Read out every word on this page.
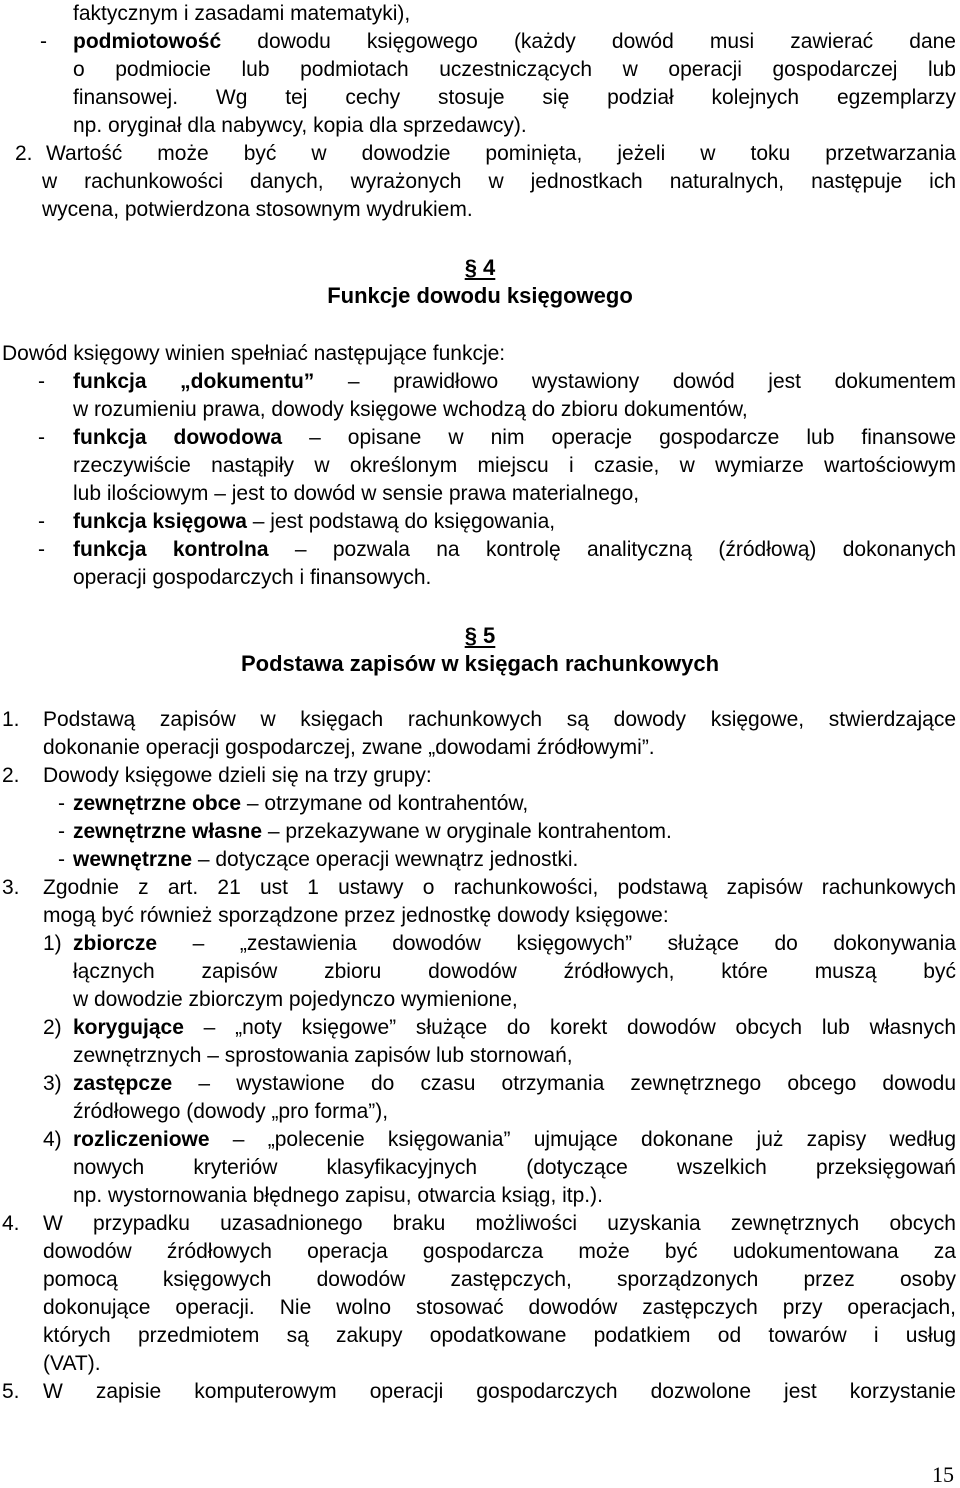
faktycznym i zasadami matematyki),
- podmiotowość dowodu księgowego (każdy dowód musi zawierać dane
o podmiocie lub podmiotach uczestniczących w operacji gospodarczej lub
finansowej. Wg tej cechy stosuje się podział kolejnych egzemplarzy
np. oryginał dla nabywcy, kopia dla sprzedawcy).
2. Wartość może być w dowodzie pominięta, jeżeli w toku przetwarzania
w rachunkowości danych, wyrażonych w jednostkach naturalnych, następuje ich
wycena, potwierdzona stosownym wydrukiem.
§ 4
Funkcje dowodu księgowego
Dowód księgowy winien spełniać następujące funkcje:
- funkcja „dokumentu” – prawidłowo wystawiony dowód jest dokumentem
w rozumieniu prawa, dowody księgowe wchodzą do zbioru dokumentów,
- funkcja dowodowa – opisane w nim operacje gospodarcze lub finansowe
rzeczywiście nastąpiły w określonym miejscu i czasie, w wymiarze wartościowym
lub ilościowym – jest to dowód w sensie prawa materialnego,
- funkcja księgowa – jest podstawą do księgowania,
- funkcja kontrolna – pozwala na kontrolę analityczną (źródłową) dokonanych
operacji gospodarczych i finansowych.
§ 5
Podstawa zapisów w księgach rachunkowych
1. Podstawą zapisów w księgach rachunkowych są dowody księgowe, stwierdzające
dokonanie operacji gospodarczej, zwane „dowodami źródłowymi”.
2. Dowody księgowe dzieli się na trzy grupy:
- zewnętrzne obce – otrzymane od kontrahentów,
- zewnętrzne własne – przekazywane w oryginale kontrahentom.
- wewnętrzne – dotyczące operacji wewnątrz jednostki.
3. Zgodnie z art. 21 ust 1 ustawy o rachunkowości, podstawą zapisów rachunkowych
mogą być również sporządzone przez jednostkę dowody księgowe:
1) zbiorcze – „zestawienia dowodów księgowych” służące do dokonywania
łącznych zapisów zbioru dowodów źródłowych, które muszą być
w dowodzie zbiorczym pojedynczo wymienione,
2) korygujące – „noty księgowe” służące do korekt dowodów obcych lub własnych
zewnętrznych – sprostowania zapisów lub stornowań,
3) zastępcze – wystawione do czasu otrzymania zewnętrznego obcego dowodu
źródłowego (dowody „pro forma”),
4) rozliczeniowe – „polecenie księgowania” ujmujące dokonane już zapisy według
nowych kryteriów klasyfikacyjnych (dotyczące wszelkich przeksięgowań
np. wystornowania błędnego zapisu, otwarcia ksiąg, itp.).
4. W przypadku uzasadnionego braku możliwości uzyskania zewnętrznych obcych
dowodów źródłowych operacja gospodarcza może być udokumentowana za
pomocą księgowych dowodów zastępczych, sporządzonych przez osoby
dokonujące operacji. Nie wolno stosować dowodów zastępczych przy operacjach,
których przedmiotem są zakupy opodatkowane podatkiem od towarów i usług
(VAT).
5. W zapisie komputerowym operacji gospodarczych dozwolone jest korzystanie
15
